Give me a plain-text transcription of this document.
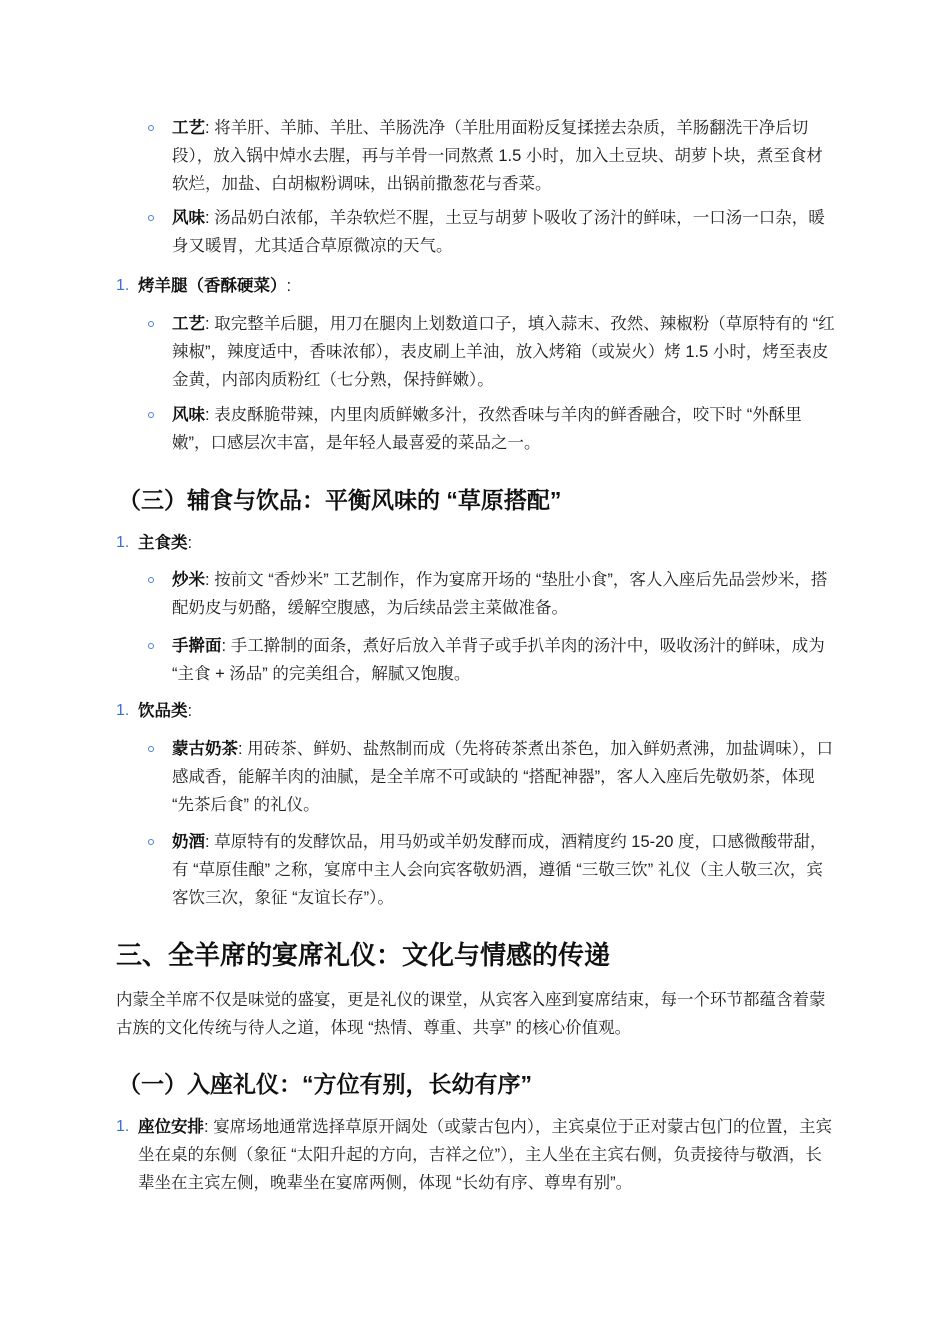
工艺: 将羊肝、羊肺、羊肚、羊肠洗净（羊肚用面粉反复揉搓去杂质，羊肠翻洗干净后切段），放入锅中焯水去腥，再与羊骨一同熬煮 1.5 小时，加入土豆块、胡萝卜块，煮至食材软烂，加盐、白胡椒粉调味，出锅前撒葱花与香菜。
风味: 汤品奶白浓郁，羊杂软烂不腥，土豆与胡萝卜吸收了汤汁的鲜味，一口汤一口杂，暖身又暖胃，尤其适合草原微凉的天气。
1. 烤羊腿（香酥硬菜）:
工艺: 取完整羊后腿，用刀在腿肉上划数道口子，填入蒜末、孜然、辣椒粉（草原特有的 “红辣椒”，辣度适中，香味浓郁），表皮刷上羊油，放入烤箱（或炭火）烤 1.5 小时，烤至表皮金黄，内部肉质粉红（七分熟，保持鲜嫩）。
风味: 表皮酥脆带辣，内里肉质鲜嫩多汁，孜然香味与羊肉的鲜香融合，咬下时 “外酥里嫩”，口感层次丰富，是年轻人最喜爱的菜品之一。
（三）辅食与饮品：平衡风味的 “草原搭配”
1. 主食类:
炒米: 按前文 “香炒米” 工艺制作，作为宴席开场的 “垫肚小食”，客人入座后先品尝炒米，搭配奶皮与奶酪，缓解空腹感，为后续品尝主菜做准备。
手擀面: 手工擀制的面条，煮好后放入羊背子或手扒羊肉的汤汁中，吸收汤汁的鲜味，成为 “主食 + 汤品” 的完美组合，解腻又饱腹。
1. 饮品类:
蒙古奶茶: 用砖茶、鲜奶、盐熬制而成（先将砖茶煮出茶色，加入鲜奶煮沸，加盐调味），口感咸香，能解羊肉的油腻，是全羊席不可或缺的 “搭配神器”，客人入座后先敬奶茶，体现 “先茶后食” 的礼仪。
奶酒: 草原特有的发酵饮品，用马奶或羊奶发酵而成，酒精度约 15-20 度，口感微酸带甜，有 “草原佳酿” 之称，宴席中主人会向宾客敬奶酒，遵循 “三敬三饮” 礼仪（主人敬三次，宾客饮三次，象征 “友谊长存”）。
三、全羊席的宴席礼仪：文化与情感的传递
内蒙全羊席不仅是味觉的盛宴，更是礼仪的课堂，从宾客入座到宴席结束，每一个环节都蕴含着蒙古族的文化传统与待人之道，体现 “热情、尊重、共享” 的核心价值观。
（一）入座礼仪：“方位有别，长幼有序”
1. 座位安排: 宴席场地通常选择草原开阔处（或蒙古包内），主宾桌位于正对蒙古包门的位置，主宾坐在桌的东侧（象征 “太阳升起的方向，吉祥之位”），主人坐在主宾右侧，负责接待与敬酒，长辈坐在主宾左侧，晚辈坐在宴席两侧，体现 “长幼有序、尊卑有别”。
